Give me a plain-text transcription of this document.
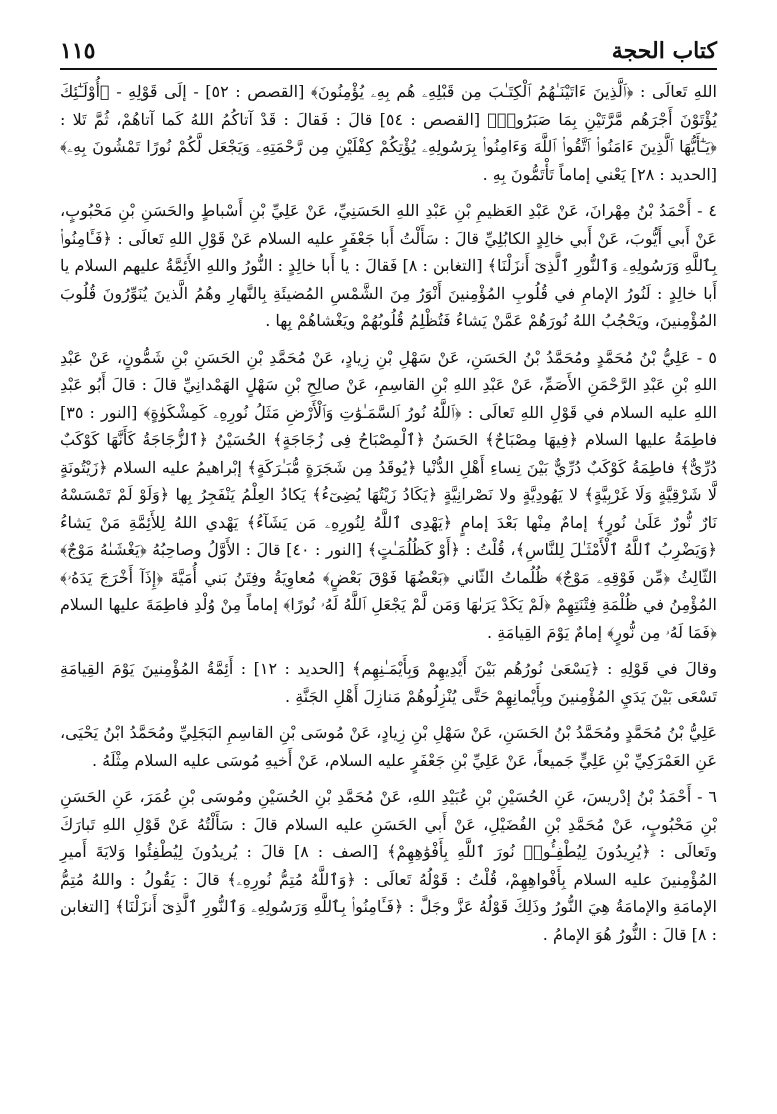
١١٥	كتاب الحجة

اللهِ تَعالَى : ﴿ٱلَّذِينَ ءَاتَيْنَـٰهُمُ ٱلْكِتَـٰبَ مِن قَبْلِهِۦ هُم بِهِۦ يُؤْمِنُونَ﴾ [القصص : ٥٢] - إلَى قَوْلِهِ - ﴿أُوْلَـٰٓئِكَ يُؤْتَوْنَ أَجْرَهُم مَّرَّتَيْنِ بِمَا صَبَرُوا۟﴾ [القصص : ٥٤] قالَ : فَقالَ : قَدْ آتاكُمُ اللهُ كَما آتاهُمْ، ثُمَّ تَلا : ﴿يَـٰٓأَيُّهَا ٱلَّذِينَ ءَامَنُوا۟ ٱتَّقُوا۟ ٱللَّهَ وَءَامِنُوا۟ بِرَسُولِهِۦ يُؤْتِكُمْ كِفْلَيْنِ مِن رَّحْمَتِهِۦ وَيَجْعَل لَّكُمْ نُورًا تَمْشُونَ بِهِۦ﴾ [الحديد : ٢٨] يَعْني إماماً تَأْتَمُّونَ بِهِ .

٤ - أَحْمَدُ بْنُ مِهْرانَ، عَنْ عَبْدِ العَظيمِ بْنِ عَبْدِ اللهِ الحَسَنِيِّ، عَنْ عَلِيِّ بْنِ أَسْباطٍ والحَسَنِ بْنِ مَحْبُوبٍ، عَنْ أَبي أَيُّوبَ، عَنْ أَبي خالِدٍ الكابُلِيِّ قالَ : سَأَلْتُ أَبا جَعْفَرٍ عليه السلام عَنْ قَوْلِ اللهِ تَعالَى : ﴿فَـَٔامِنُوا۟ بِٱللَّهِ وَرَسُولِهِۦ وَٱلنُّورِ ٱلَّذِىٓ أَنزَلْنَا﴾ [التغابن : ٨] فَقالَ : يا أَبا خالِدٍ : النُّورُ واللهِ الأَئِمَّةُ عليهم السلام يا أَبا خالِدٍ : لَنُورُ الإمامِ في قُلُوبِ المُؤْمِنينَ أَنْوَرُ مِنَ الشَّمْسِ المُضيئَةِ بِالنَّهارِ وهُمُ الَّذينَ يُنَوِّرُونَ قُلُوبَ المُؤْمِنينَ، ويَحْجُبُ اللهُ نُورَهُمْ عَمَّنْ يَشاءُ فَتُظْلِمُ قُلُوبُهُمْ ويَغْشاهُمْ بِها .

٥ - عَلِيُّ بْنُ مُحَمَّدٍ ومُحَمَّدُ بْنُ الحَسَنِ، عَنْ سَهْلِ بْنِ زِيادٍ، عَنْ مُحَمَّدِ بْنِ الحَسَنِ بْنِ شَمُّونٍ، عَنْ عَبْدِ اللهِ بْنِ عَبْدِ الرَّحْمَنِ الأَصَمِّ، عَنْ عَبْدِ اللهِ بْنِ القاسِمِ، عَنْ صالِحِ بْنِ سَهْلٍ الهَمْدانِيِّ قالَ : قالَ أَبُو عَبْدِ اللهِ عليه السلام في قَوْلِ اللهِ تَعالَى : ﴿ٱللَّهُ نُورُ ٱلسَّمَـٰوَٰتِ وَٱلْأَرْضِ مَثَلُ نُورِهِۦ كَمِشْكَوٰةٍ﴾ [النور : ٣٥] فاطِمَةُ عليها السلام ﴿فِيهَا مِصْبَاحٌ﴾ الحَسَنُ ﴿ٱلْمِصْبَاحُ فِى زُجَاجَةٍ﴾ الحُسَيْنُ ﴿ٱلزُّجَاجَةُ كَأَنَّهَا كَوْكَبٌ دُرِّىٌّ﴾ فاطِمَةُ كَوْكَبٌ دُرِّيٌّ بَيْنَ نِساءِ أَهْلِ الدُّنْيا ﴿يُوقَدُ مِن شَجَرَةٍ مُّبَـٰرَكَةٍ﴾ إبْراهيمُ عليه السلام ﴿زَيْتُونَةٍ لَّا شَرْقِيَّةٍ وَلَا غَرْبِيَّةٍ﴾ لا يَهُودِيَّةٍ ولا نَصْرانِيَّةٍ ﴿يَكَادُ زَيْتُهَا يُضِىٓءُ﴾ يَكادُ العِلْمُ يَنْفَجِرُ بِها ﴿وَلَوْ لَمْ تَمْسَسْهُ نَارٌ نُّورٌ عَلَىٰ نُورٍ﴾ إمامٌ مِنْها بَعْدَ إمامٍ ﴿يَهْدِى ٱللَّهُ لِنُورِهِۦ مَن يَشَآءُ﴾ يَهْدي اللهُ لِلأَئِمَّةِ مَنْ يَشاءُ ﴿وَيَضْرِبُ ٱللَّهُ ٱلْأَمْثَـٰلَ لِلنَّاسِ﴾، قُلْتُ : ﴿أَوْ كَظُلُمَـٰتٍ﴾ [النور : ٤٠] قالَ : الأَوَّلُ وصاحِبُهُ ﴿يَغْشَىٰهُ مَوْجٌ﴾ الثّالِثُ ﴿مِّن فَوْقِهِۦ مَوْجٌ﴾ ظُلُماتُ الثّاني ﴿بَعْضُهَا فَوْقَ بَعْضٍ﴾ مُعاوِيَةُ وفِتَنُ بَني أُمَيَّةَ ﴿إِذَآ أَخْرَجَ يَدَهُۥ﴾ المُؤْمِنُ في ظُلْمَةِ فِتْنَتِهِمْ ﴿لَمْ يَكَدْ يَرَىٰهَا وَمَن لَّمْ يَجْعَلِ ٱللَّهُ لَهُۥ نُورًا﴾ إماماً مِنْ وُلْدِ فاطِمَةَ عليها السلام ﴿فَمَا لَهُۥ مِن نُّورٍ﴾ إمامٌ يَوْمَ القِيامَةِ .

وقالَ في قَوْلِهِ : ﴿يَسْعَىٰ نُورُهُم بَيْنَ أَيْدِيهِمْ وَبِأَيْمَـٰنِهِم﴾ [الحديد : ١٢] : أَئِمَّةُ المُؤْمِنينَ يَوْمَ القِيامَةِ تَسْعَى بَيْنَ يَدَيِ المُؤْمِنينَ وبِأَيْمانِهِمْ حَتَّى يُنْزِلُوهُمْ مَنازِلَ أَهْلِ الجَنَّةِ .

عَلِيُّ بْنُ مُحَمَّدٍ ومُحَمَّدُ بْنُ الحَسَنِ، عَنْ سَهْلِ بْنِ زِيادٍ، عَنْ مُوسَى بْنِ القاسِمِ البَجَلِيِّ ومُحَمَّدُ ابْنُ يَحْيَى، عَنِ العَمْرَكِيِّ بْنِ عَلِيٍّ جَميعاً، عَنْ عَلِيِّ بْنِ جَعْفَرٍ عليه السلام، عَنْ أَخيهِ مُوسَى عليه السلام مِثْلَهُ .

٦ - أَحْمَدُ بْنُ إدْريسَ، عَنِ الحُسَيْنِ بْنِ عُبَيْدِ اللهِ، عَنْ مُحَمَّدِ بْنِ الحُسَيْنِ ومُوسَى بْنِ عُمَرَ، عَنِ الحَسَنِ بْنِ مَحْبُوبٍ، عَنْ مُحَمَّدِ بْنِ الفُضَيْلِ، عَنْ أَبي الحَسَنِ عليه السلام قالَ : سَأَلْتُهُ عَنْ قَوْلِ اللهِ تَبارَكَ وتَعالَى : ﴿يُرِيدُونَ لِيُطْفِـُٔوا۟ نُورَ ٱللَّهِ بِأَفْوَٰهِهِمْ﴾ [الصف : ٨] قالَ : يُريدُونَ لِيُطْفِئُوا وَلايَةَ أَميرِ المُؤْمِنينَ عليه السلام بِأَفْواهِهِمْ، قُلْتُ : قَوْلُهُ تَعالَى : ﴿وَٱللَّهُ مُتِمُّ نُورِهِۦ﴾ قالَ : يَقُولُ : واللهُ مُتِمُّ الإمامَةِ والإمامَةُ هِيَ النُّورُ وذَلِكَ قَوْلُهُ عَزَّ وجَلَّ : ﴿فَـَٔامِنُوا۟ بِٱللَّهِ وَرَسُولِهِۦ وَٱلنُّورِ ٱلَّذِىٓ أَنزَلْنَا﴾ [التغابن : ٨] قالَ : النُّورُ هُوَ الإمامُ .
